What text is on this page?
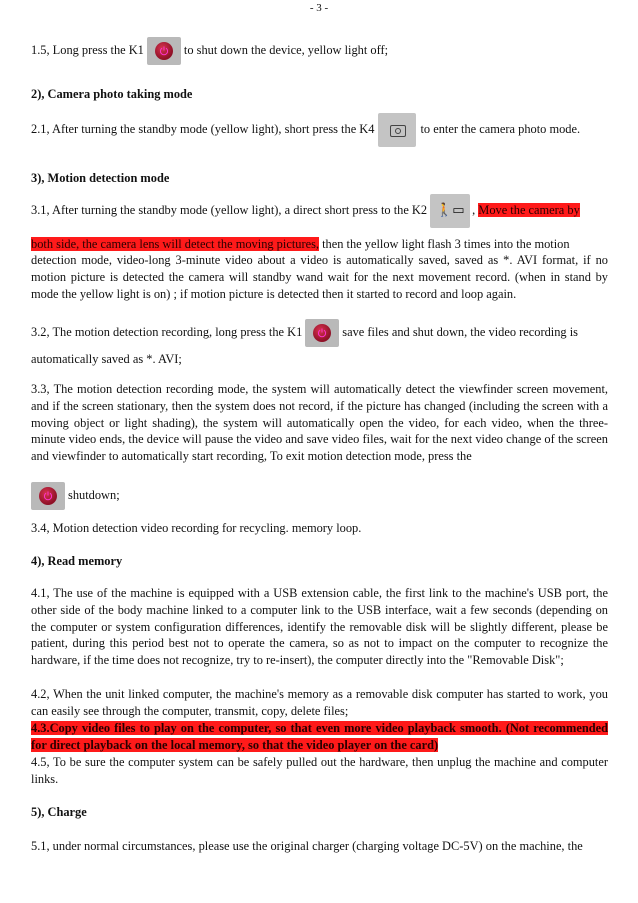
- 3 -
1.5, Long press the K1	to shut down the device, yellow light off;
2), Camera photo taking mode
2.1, After turning the standby mode (yellow light), short press the K4	to enter the camera photo mode.
3), Motion detection mode
3.1, After turning the standby mode (yellow light), a direct short press to the K2 🚶▭ , Move the camera by
both side, the camera lens will detect the moving pictures, then the yellow light flash 3 times into the motion
detection mode, video-long 3-minute video about a video is automatically saved, saved as *. AVI format, if no motion picture is detected the camera will standby wand wait for the next movement record. (when in stand by mode the yellow light is on) ; if motion picture is detected then it started to record and loop again.
3.2, The motion detection recording, long press the K1	save files and shut down, the video recording is
automatically saved as *. AVI;
3.3, The motion detection recording mode, the system will automatically detect the viewfinder screen movement, and if the screen stationary, then the system does not record, if the picture has changed (including the screen with a moving object or light shading), the system will automatically open the video, for each video, when the three-minute video ends, the device will pause the video and save video files, wait for the next video change of the screen and viewfinder to automatically start recording, To exit motion detection mode, press the
shutdown;
3.4, Motion detection video recording for recycling. memory loop.
4), Read memory
4.1, The use of the machine is equipped with a USB extension cable, the first link to the machine's USB port, the other side of the body machine linked to a computer link to the USB interface, wait a few seconds (depending on the computer or system configuration differences, identify the removable disk will be slightly different, please be patient, during this period best not to operate the camera, so as not to impact on the computer to recognize the hardware, if the time does not recognize, try to re-insert), the computer directly into the "Removable Disk";
4.2, When the unit linked computer, the machine's memory as a removable disk computer has started to work, you can easily see through the computer, transmit, copy, delete files;
4.3.Copy video files to play on the computer, so that even more video playback smooth. (Not recommended for direct playback on the local memory, so that the video player on the card)
4.5, To be sure the computer system can be safely pulled out the hardware, then unplug the machine and computer links.
5), Charge
5.1, under normal circumstances, please use the original charger (charging voltage DC-5V) on the machine, the
